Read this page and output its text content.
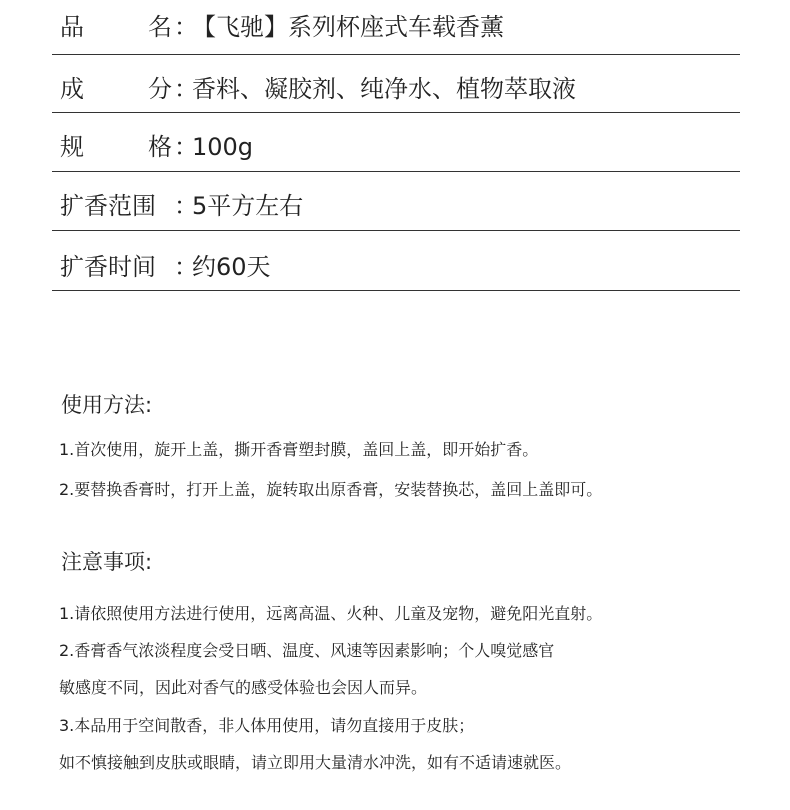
品	名 ：
【飞驰】系列杯座式车载香薰
成	分 ：
香料、凝胶剂、纯净水、植物萃取液
规	格 ：
100g
扩香范围 ：
5平方左右
扩香时间 ：
约60天
使用方法:
1.首次使用，旋开上盖，撕开香膏塑封膜，盖回上盖，即开始扩香。
2.要替换香膏时，打开上盖，旋转取出原香膏，安装替换芯，盖回上盖即可。
注意事项:
1.请依照使用方法进行使用，远离高温、火种、儿童及宠物，避免阳光直射。
2.香膏香气浓淡程度会受日晒、温度、风速等因素影响；个人嗅觉感官
敏感度不同，因此对香气的感受体验也会因人而异。
3.本品用于空间散香，非人体用使用，请勿直接用于皮肤；
如不慎接触到皮肤或眼睛，请立即用大量清水冲洗，如有不适请速就医。
